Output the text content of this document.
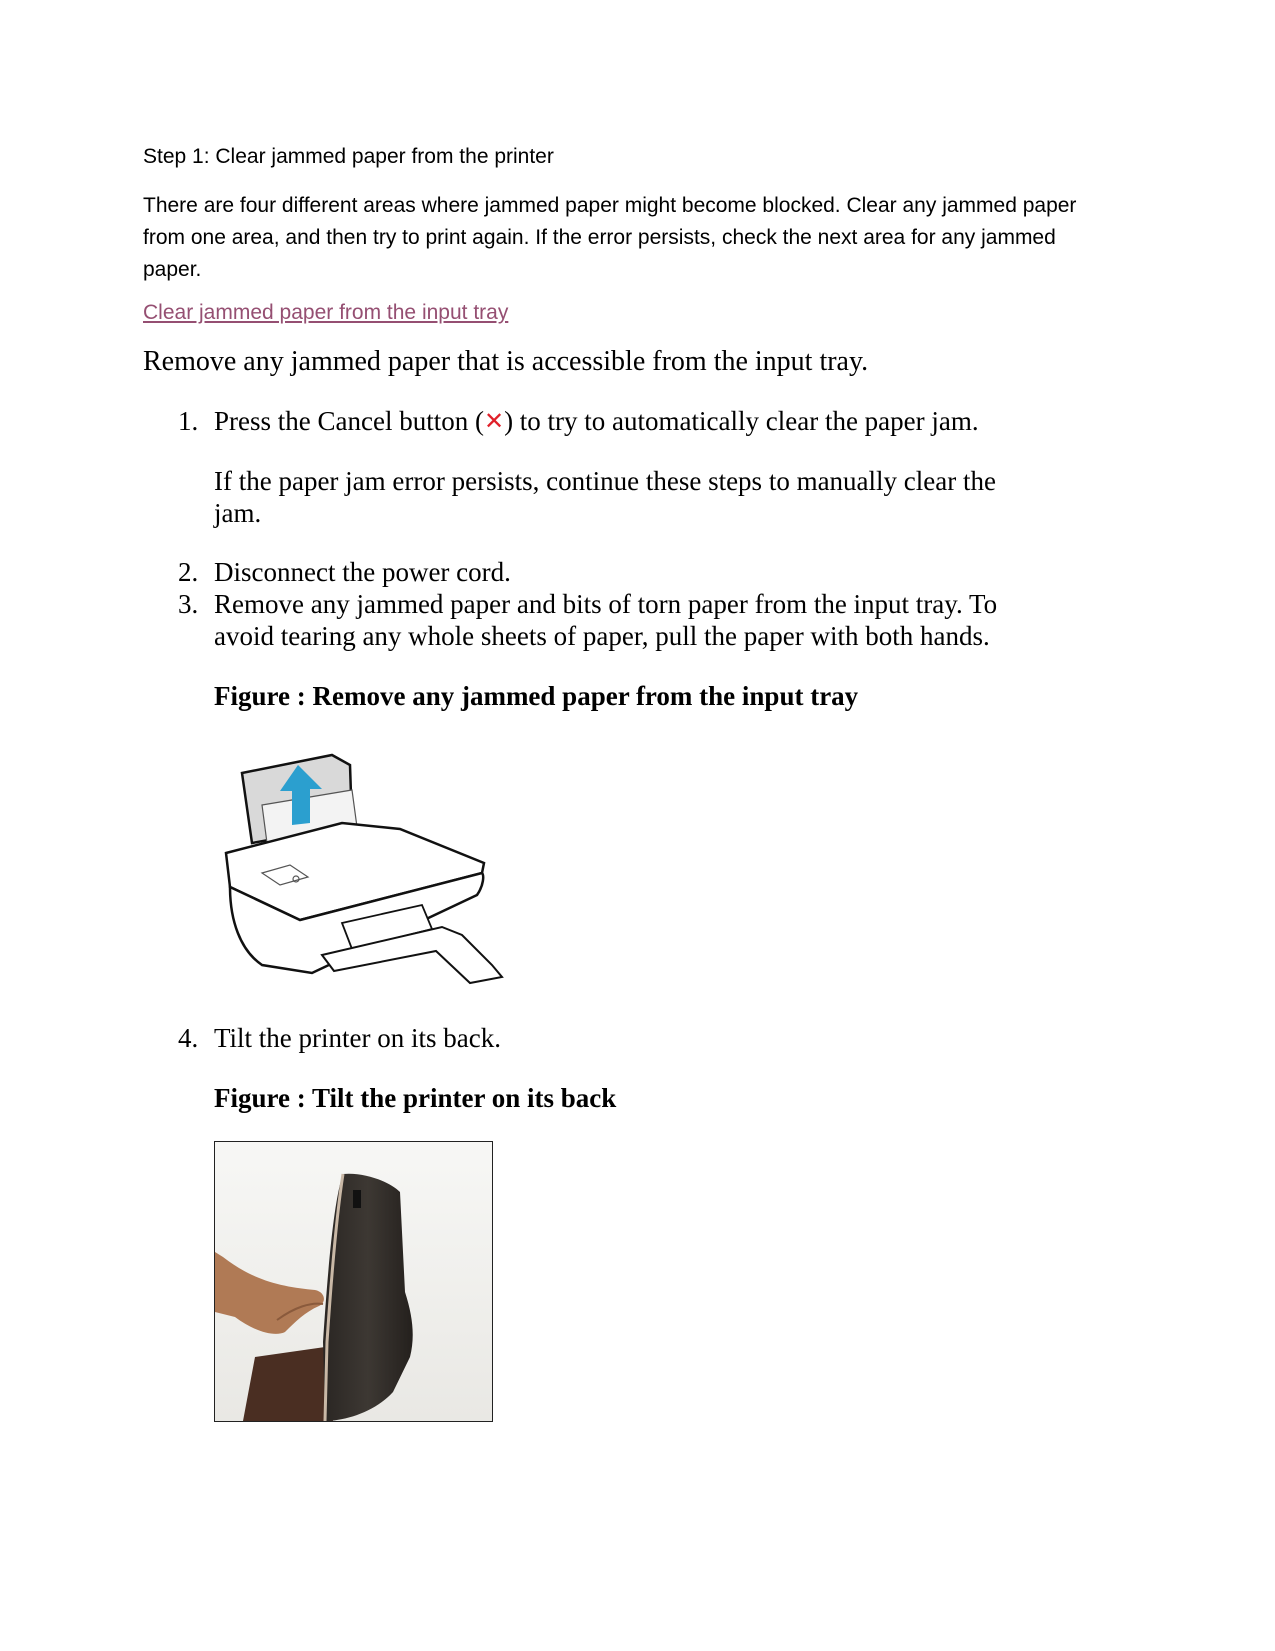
Step 1: Clear jammed paper from the printer
There are four different areas where jammed paper might become blocked. Clear any jammed paper from one area, and then try to print again. If the error persists, check the next area for any jammed paper.
Clear jammed paper from the input tray
Remove any jammed paper that is accessible from the input tray.
1. Press the Cancel button (✕) to try to automatically clear the paper jam.
If the paper jam error persists, continue these steps to manually clear the jam.
2. Disconnect the power cord.
3. Remove any jammed paper and bits of torn paper from the input tray. To avoid tearing any whole sheets of paper, pull the paper with both hands.
Figure : Remove any jammed paper from the input tray
4. Tilt the printer on its back.
Figure : Tilt the printer on its back
